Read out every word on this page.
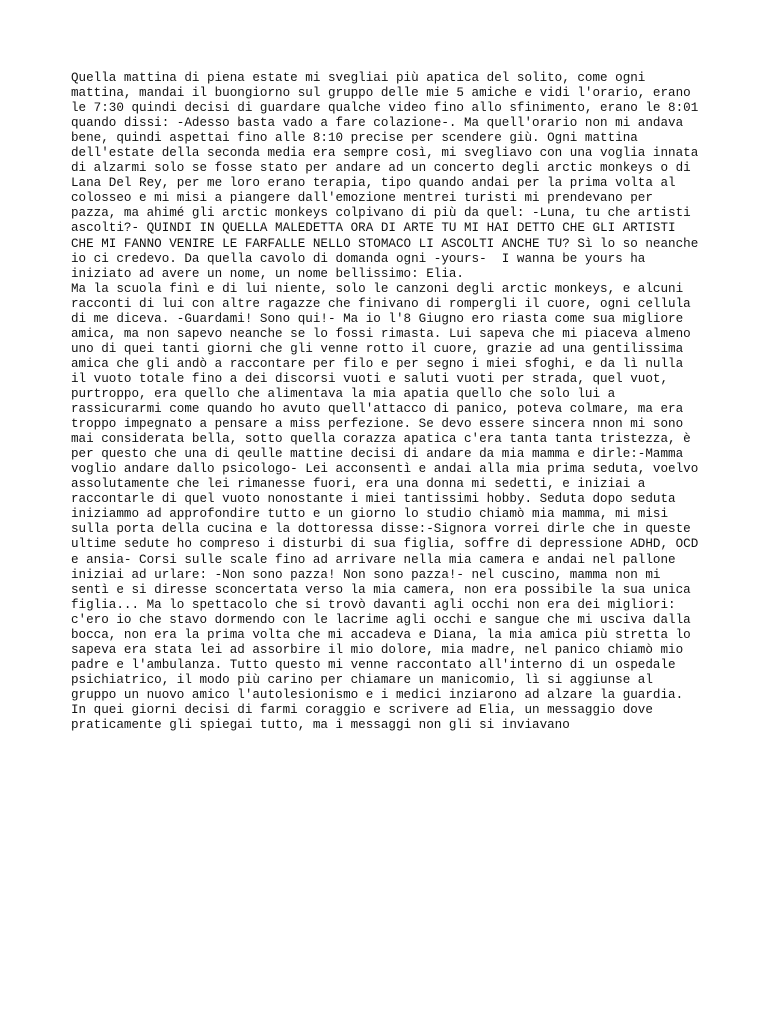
Quella mattina di piena estate mi svegliai più apatica del solito, come ogni
mattina, mandai il buongiorno sul gruppo delle mie 5 amiche e vidi l'orario, erano
le 7:30 quindi decisi di guardare qualche video fino allo sfinimento, erano le 8:01
quando dissi: -Adesso basta vado a fare colazione-. Ma quell'orario non mi andava
bene, quindi aspettai fino alle 8:10 precise per scendere giù. Ogni mattina
dell'estate della seconda media era sempre così, mi svegliavo con una voglia innata
di alzarmi solo se fosse stato per andare ad un concerto degli arctic monkeys o di
Lana Del Rey, per me loro erano terapia, tipo quando andai per la prima volta al
colosseo e mi misi a piangere dall'emozione mentrei turisti mi prendevano per
pazza, ma ahimé gli arctic monkeys colpivano di più da quel: -Luna, tu che artisti
ascolti?- QUINDI IN QUELLA MALEDETTA ORA DI ARTE TU MI HAI DETTO CHE GLI ARTISTI
CHE MI FANNO VENIRE LE FARFALLE NELLO STOMACO LI ASCOLTI ANCHE TU? Sì lo so neanche
io ci credevo. Da quella cavolo di domanda ogni -yours-  I wanna be yours ha
iniziato ad avere un nome, un nome bellissimo: Elia.
Ma la scuola finì e di lui niente, solo le canzoni degli arctic monkeys, e alcuni
racconti di lui con altre ragazze che finivano di rompergli il cuore, ogni cellula
di me diceva. -Guardami! Sono qui!- Ma io l'8 Giugno ero riasta come sua migliore
amica, ma non sapevo neanche se lo fossi rimasta. Lui sapeva che mi piaceva almeno
uno di quei tanti giorni che gli venne rotto il cuore, grazie ad una gentilissima
amica che gli andò a raccontare per filo e per segno i miei sfoghi, e da lì nulla
il vuoto totale fino a dei discorsi vuoti e saluti vuoti per strada, quel vuot,
purtroppo, era quello che alimentava la mia apatia quello che solo lui a
rassicurarmi come quando ho avuto quell'attacco di panico, poteva colmare, ma era
troppo impegnato a pensare a miss perfezione. Se devo essere sincera nnon mi sono
mai considerata bella, sotto quella corazza apatica c'era tanta tanta tristezza, è
per questo che una di qeulle mattine decisi di andare da mia mamma e dirle:-Mamma
voglio andare dallo psicologo- Lei acconsentì e andai alla mia prima seduta, voelvo
assolutamente che lei rimanesse fuori, era una donna mi sedetti, e iniziai a
raccontarle di quel vuoto nonostante i miei tantissimi hobby. Seduta dopo seduta
iniziammo ad approfondire tutto e un giorno lo studio chiamò mia mamma, mi misi
sulla porta della cucina e la dottoressa disse:-Signora vorrei dirle che in queste
ultime sedute ho compreso i disturbi di sua figlia, soffre di depressione ADHD, OCD
e ansia- Corsi sulle scale fino ad arrivare nella mia camera e andai nel pallone
iniziai ad urlare: -Non sono pazza! Non sono pazza!- nel cuscino, mamma non mi
sentì e si diresse sconcertata verso la mia camera, non era possibile la sua unica
figlia... Ma lo spettacolo che si trovò davanti agli occhi non era dei migliori:
c'ero io che stavo dormendo con le lacrime agli occhi e sangue che mi usciva dalla
bocca, non era la prima volta che mi accadeva e Diana, la mia amica più stretta lo
sapeva era stata lei ad assorbire il mio dolore, mia madre, nel panico chiamò mio
padre e l'ambulanza. Tutto questo mi venne raccontato all'interno di un ospedale
psichiatrico, il modo più carino per chiamare un manicomio, lì si aggiunse al
gruppo un nuovo amico l'autolesionismo e i medici inziarono ad alzare la guardia.
In quei giorni decisi di farmi coraggio e scrivere ad Elia, un messaggio dove
praticamente gli spiegai tutto, ma i messaggi non gli si inviavano
